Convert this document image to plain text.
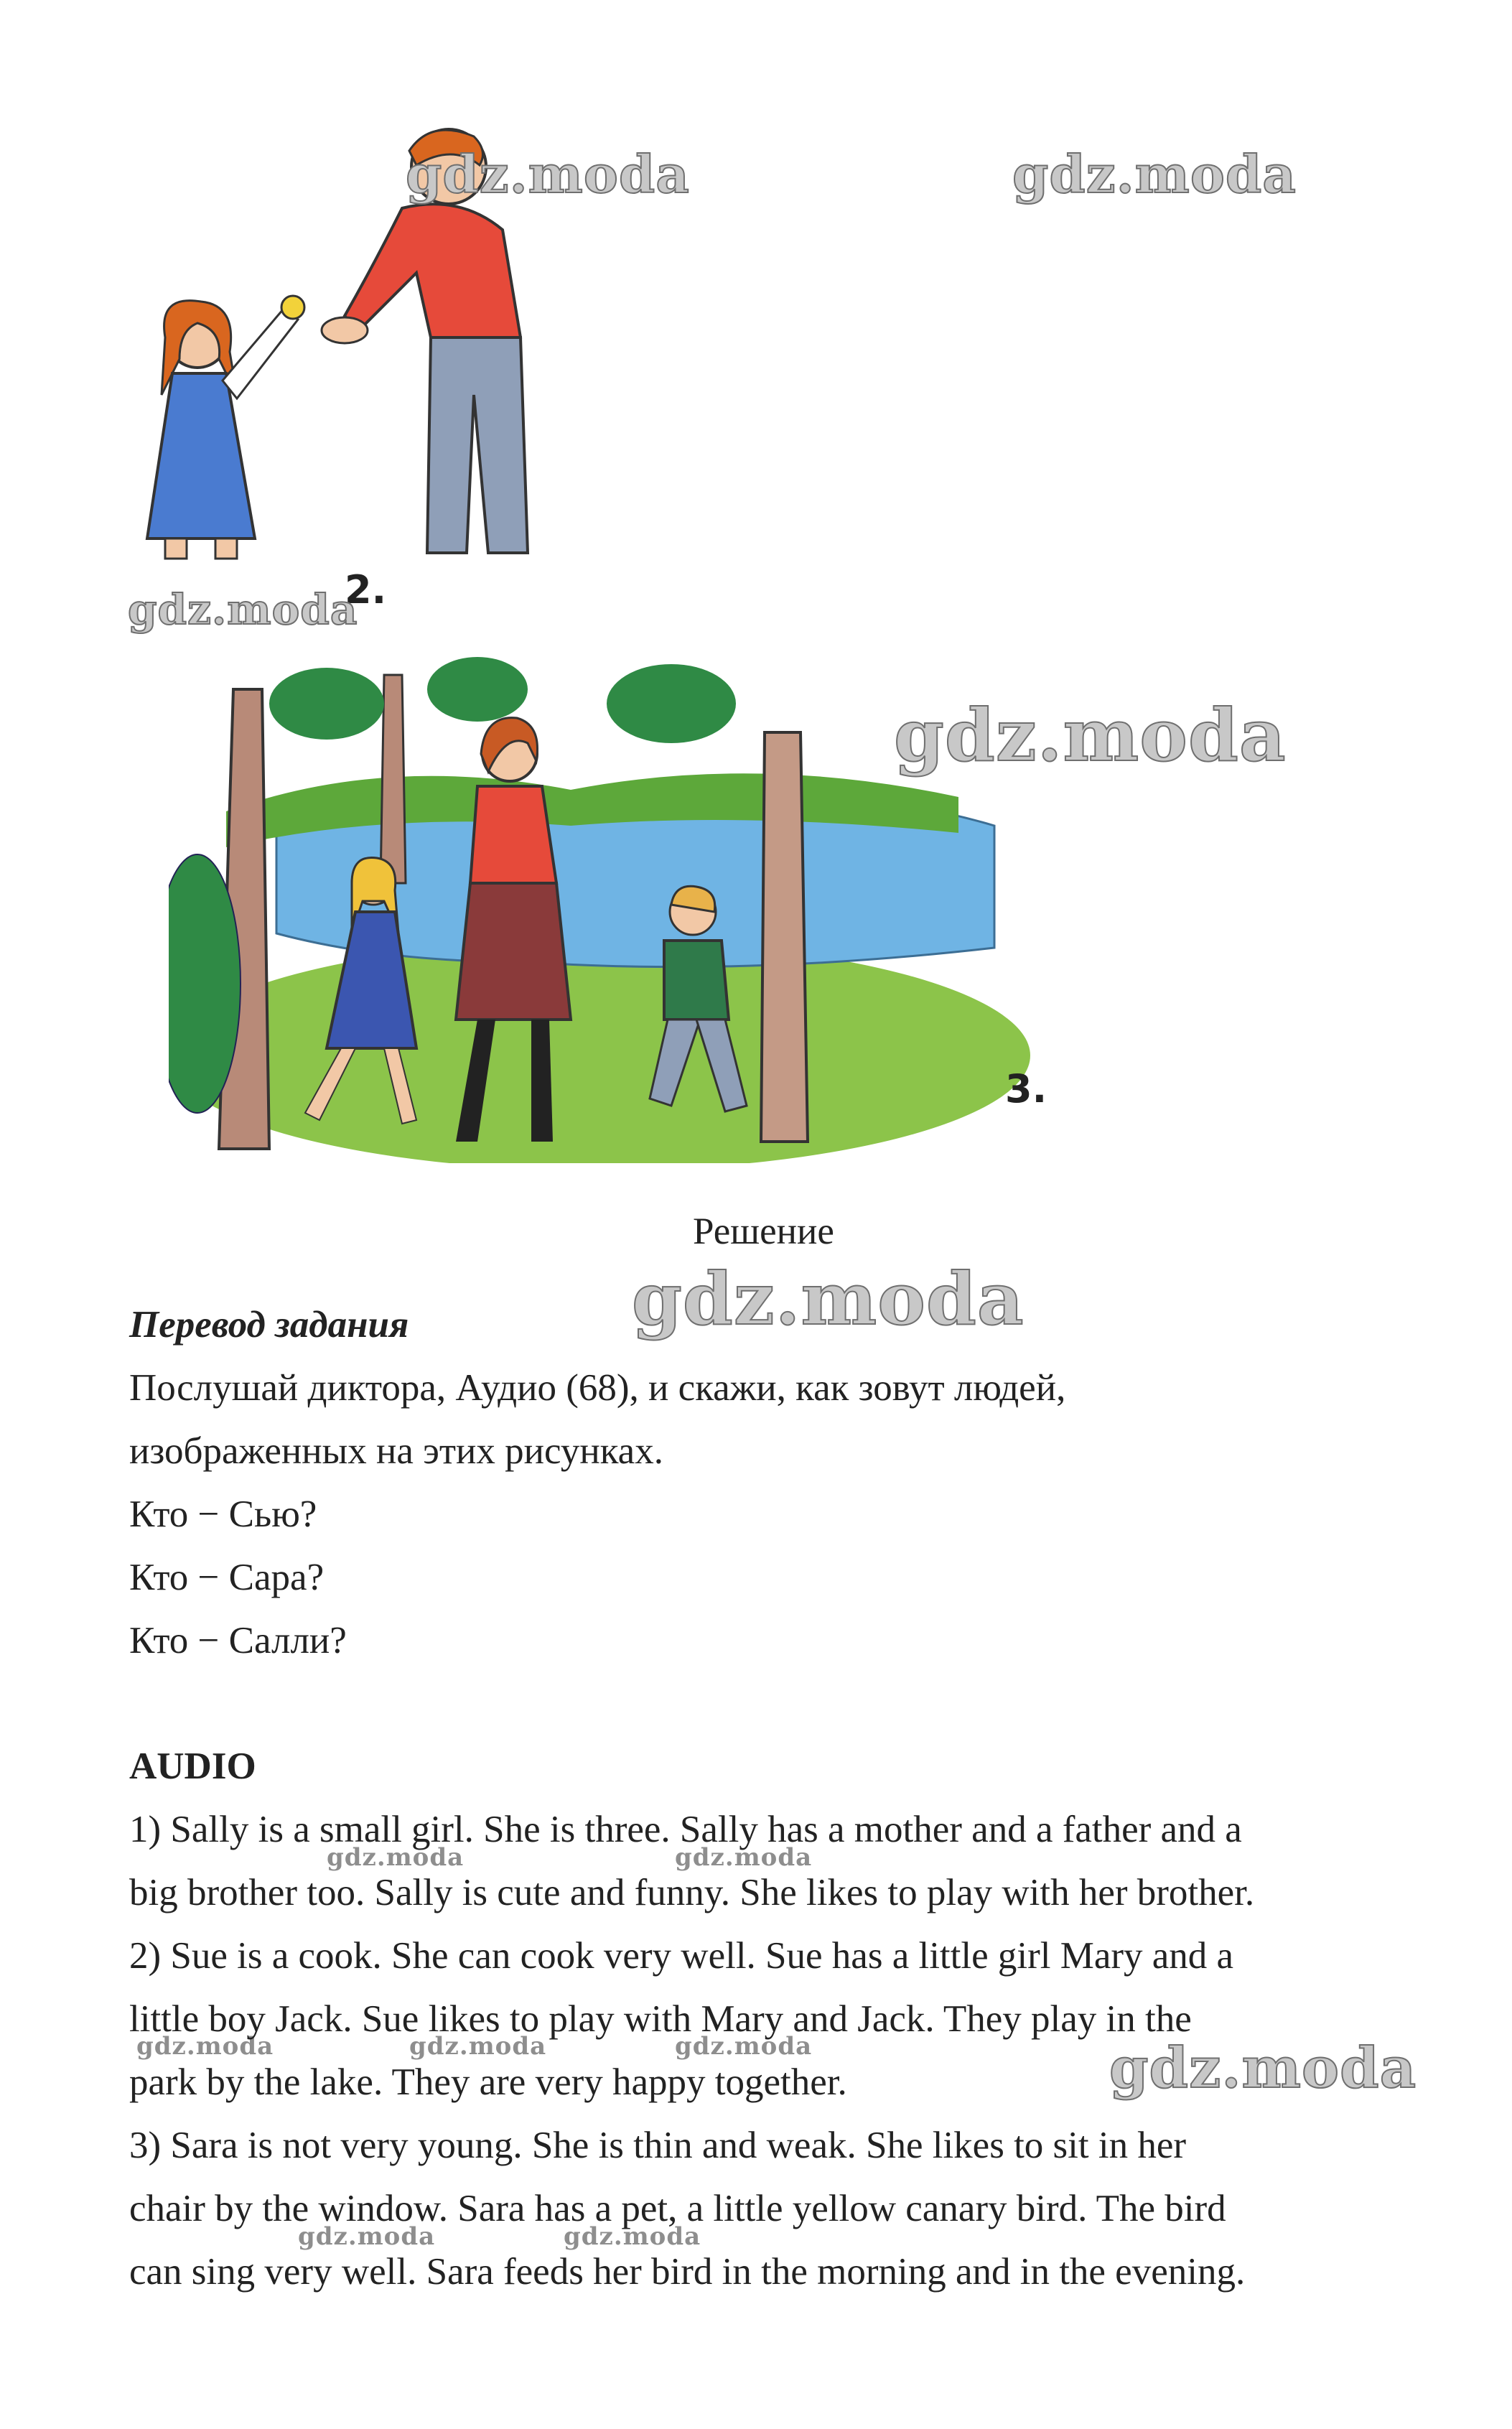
2.
3.
gdz.moda	gdz.moda
gdz.moda
gdz.moda
gdz.moda
gdz.moda
gdz.moda	gdz.moda
gdz.moda	gdz.moda	gdz.moda
gdz.moda	gdz.moda
Решение
Перевод задания
Послушай диктора, Аудио (68), и скажи, как зовут людей,
изображенных на этих рисунках.
Кто − Сью?
Кто − Сара?
Кто − Салли?
AUDIO
1) Sally is a small girl. She is three. Sally has a mother and a father and a
big brother too. Sally is cute and funny. She likes to play with her brother.
2) Sue is a cook. She can cook very well. Sue has a little girl Mary and a
little boy Jack. Sue likes to play with Mary and Jack. They play in the
park by the lake. They are very happy together.
3) Sara is not very young. She is thin and weak. She likes to sit in her
chair by the window. Sara has a pet, a little yellow canary bird. The bird
can sing very well. Sara feeds her bird in the morning and in the evening.
